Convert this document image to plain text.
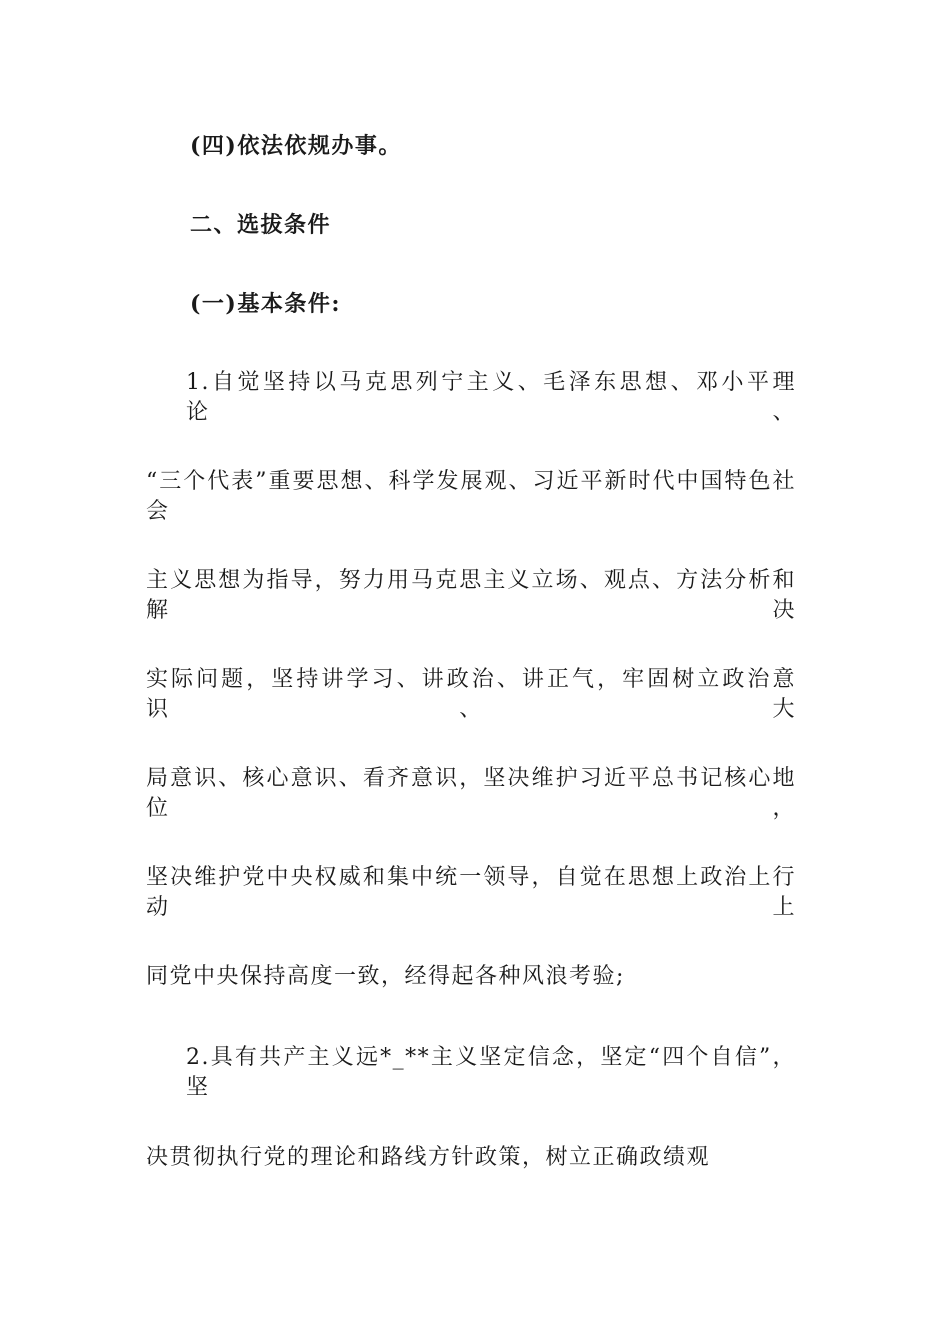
(四)依法依规办事。
二、选拔条件
(一)基本条件:
1.自觉坚持以马克思列宁主义、毛泽东思想、邓小平理论、
“三个代表”重要思想、科学发展观、习近平新时代中国特色社会
主义思想为指导，努力用马克思主义立场、观点、方法分析和解决
实际问题，坚持讲学习、讲政治、讲正气，牢固树立政治意识、大
局意识、核心意识、看齐意识，坚决维护习近平总书记核心地位，
坚决维护党中央权威和集中统一领导，自觉在思想上政治上行动上
同党中央保持高度一致，经得起各种风浪考验;
2.具有共产主义远*_**主义坚定信念，坚定“四个自信”，坚
决贯彻执行党的理论和路线方针政策，树立正确政绩观
